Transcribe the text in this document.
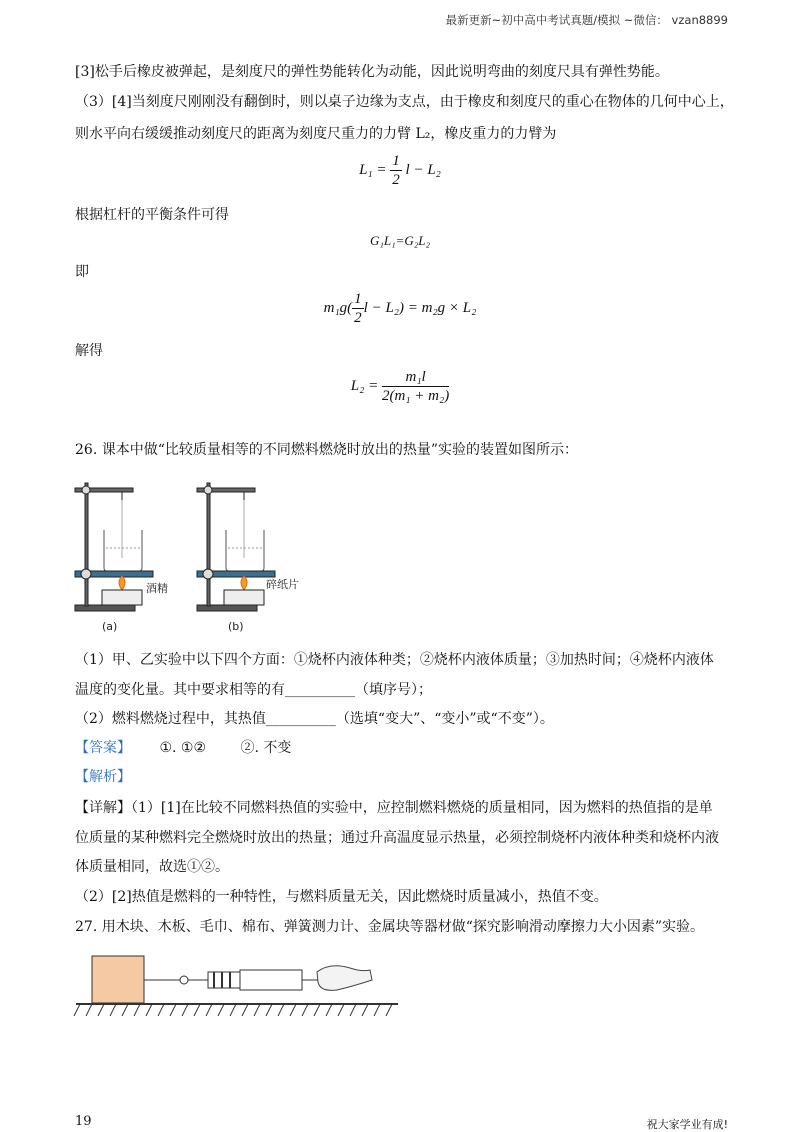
最新更新~初中高中考试真题/模拟 ~微信： vzan8899
[3]松手后橡皮被弹起，是刻度尺的弹性势能转化为动能，因此说明弯曲的刻度尺具有弹性势能。
（3）[4]当刻度尺刚刚没有翻倒时，则以桌子边缘为支点，由于橡皮和刻度尺的重心在物体的几何中心上，
则水平向右缓缓推动刻度尺的距离为刻度尺重力的力臂 L₂，橡皮重力的力臂为
$L_1 = \frac{1}{2}$ l − L₂
根据杠杆的平衡条件可得
G₁L₁=G₂L₂
即
$m_1g( \frac{1}{2}$ l − L₂) = m₂g × L₂
解得
$L_2 = \frac{\text{m₁l}}{\text{2(m₁ + m₂)}}$
26. 课本中做“比较质量相等的不同燃料燃烧时放出的热量”实验的装置如图所示：
酒精
(a)
碎纸片
(b)
（1）甲、乙实验中以下四个方面：①烧杯内液体种类；②烧杯内液体质量；③加热时间；④烧杯内液体
温度的变化量。其中要求相等的有__________（填序号）；
（2）燃料燃烧过程中，其热值__________（选填“变大”、“变小”或“不变”）。
【答案】 ①. ①② ②. 不变
【解析】
【详解】（1）[1]在比较不同燃料热值的实验中，应控制燃料燃烧的质量相同，因为燃料的热值指的是单
位质量的某种燃料完全燃烧时放出的热量；通过升高温度显示热量，必须控制烧杯内液体种类和烧杯内液
体质量相同，故选①②。
（2）[2]热值是燃料的一种特性，与燃料质量无关，因此燃烧时质量减小，热值不变。
27. 用木块、木板、毛巾、棉布、弹簧测力计、金属块等器材做“探究影响滑动摩擦力大小因素”实验。
19	祝大家学业有成!
